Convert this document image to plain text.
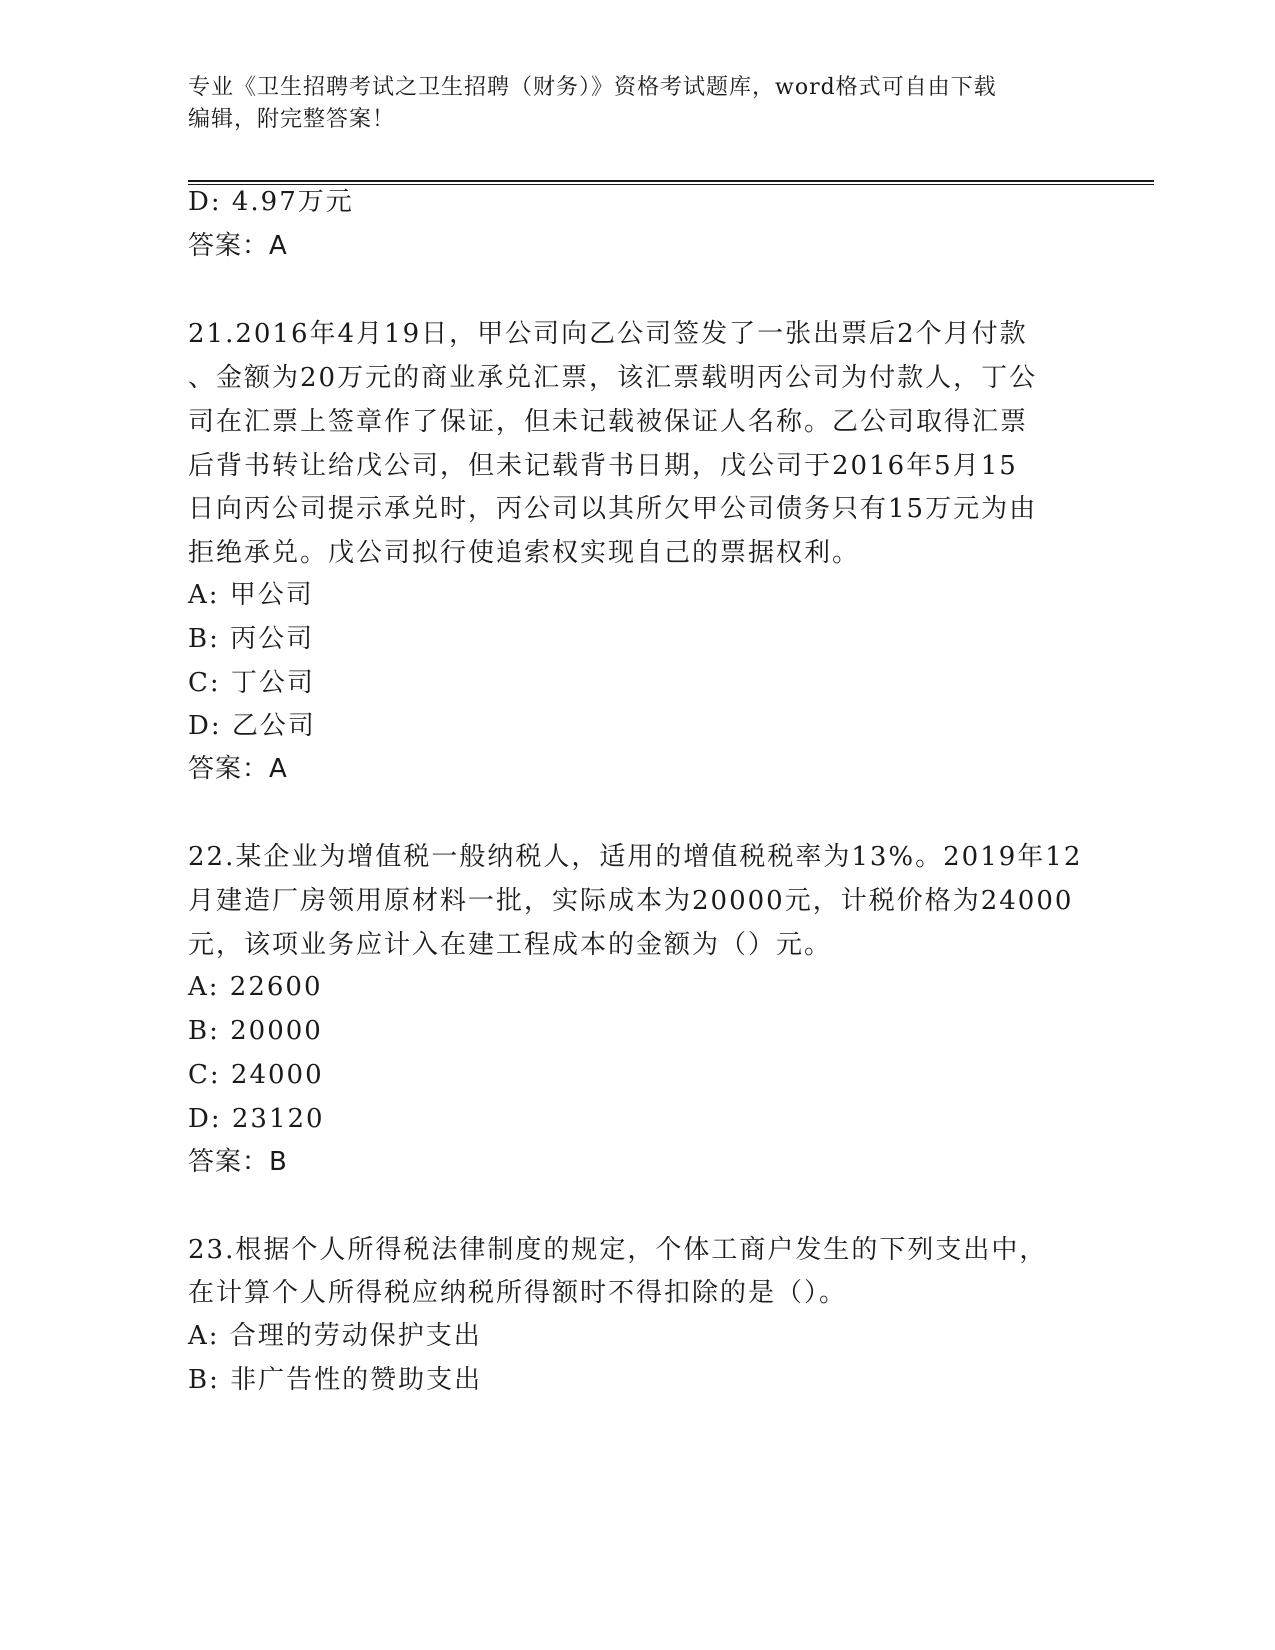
专业《卫生招聘考试之卫生招聘（财务）》资格考试题库，word格式可自由下载
编辑，附完整答案！
D: 4.97万元
答案：A
21.2016年4月19日，甲公司向乙公司签发了一张出票后2个月付款
、金额为20万元的商业承兑汇票，该汇票载明丙公司为付款人，丁公
司在汇票上签章作了保证，但未记载被保证人名称。乙公司取得汇票
后背书转让给戊公司，但未记载背书日期，戊公司于2016年5月15
日向丙公司提示承兑时，丙公司以其所欠甲公司债务只有15万元为由
拒绝承兑。戊公司拟行使追索权实现自己的票据权利。
A: 甲公司
B: 丙公司
C: 丁公司
D: 乙公司
答案：A
22.某企业为增值税一般纳税人，适用的增值税税率为13%。2019年12
月建造厂房领用原材料一批，实际成本为20000元，计税价格为24000
元，该项业务应计入在建工程成本的金额为（）元。
A: 22600
B: 20000
C: 24000
D: 23120
答案：B
23.根据个人所得税法律制度的规定，个体工商户发生的下列支出中，
在计算个人所得税应纳税所得额时不得扣除的是（）。
A: 合理的劳动保护支出
B: 非广告性的赞助支出
